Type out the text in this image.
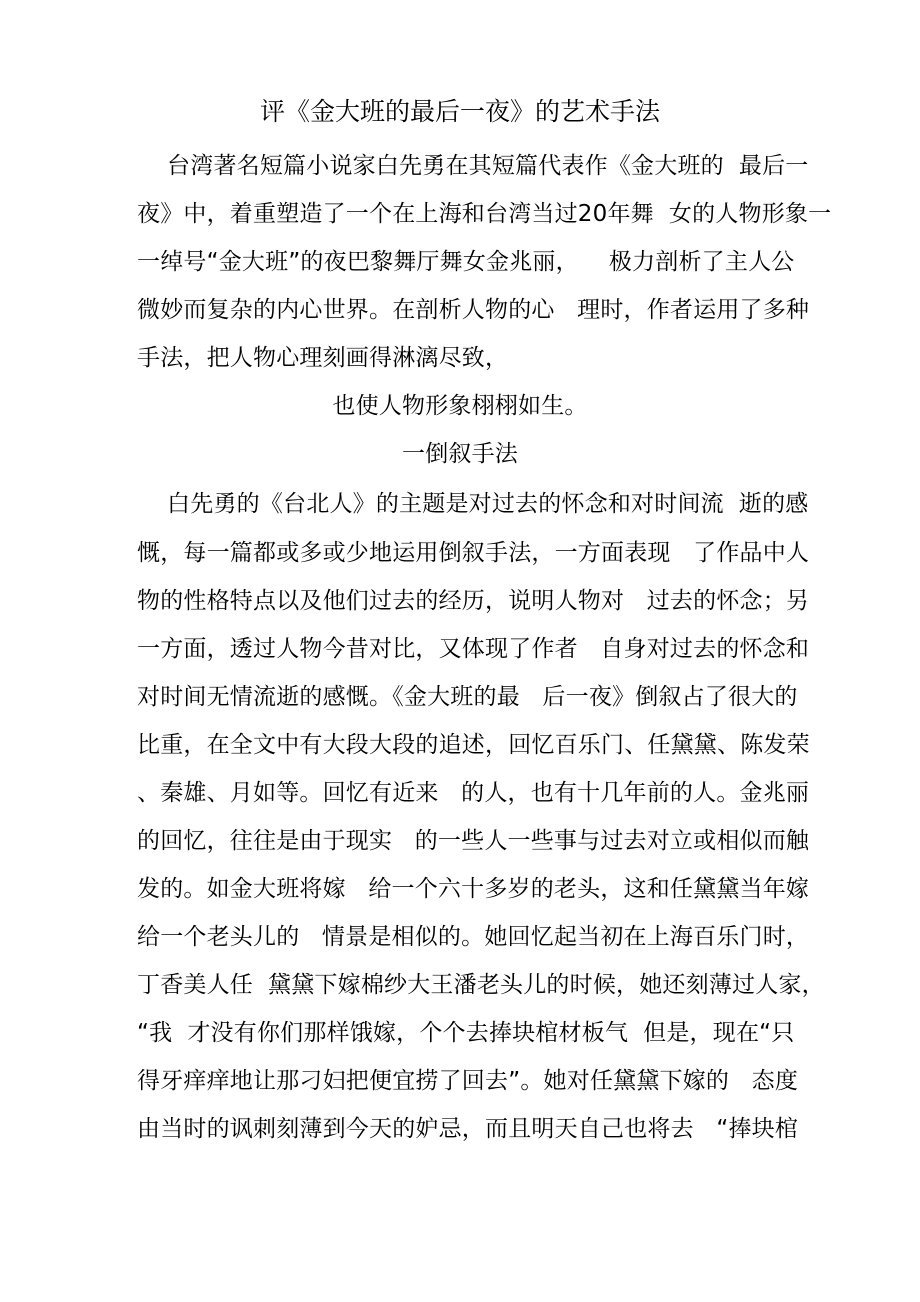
评《金大班的最后一夜》的艺术手法
台湾著名短篇小说家白先勇在其短篇代表作《金大班的  最后一
夜》中，着重塑造了一个在上海和台湾当过20年舞  女的人物形象一
一绰号“金大班”的夜巴黎舞厅舞女金兆丽，    极力剖析了主人公
微妙而复杂的内心世界。在剖析人物的心   理时，作者运用了多种
手法，把人物心理刻画得淋漓尽致，
也使人物形象栩栩如生。
一倒叙手法
白先勇的《台北人》的主题是对过去的怀念和对时间流  逝的感
慨，每一篇都或多或少地运用倒叙手法，一方面表现   了作品中人
物的性格特点以及他们过去的经历，说明人物对   过去的怀念；另
一方面，透过人物今昔对比，又体现了作者   自身对过去的怀念和
对时间无情流逝的感慨。《金大班的最   后一夜》倒叙占了很大的
比重，在全文中有大段大段的追述，回忆百乐门、任黛黛、陈发荣
、秦雄、月如等。回忆有近来   的人，也有十几年前的人。金兆丽
的回忆，往往是由于现实   的一些人一些事与过去对立或相似而触
发的。如金大班将嫁   给一个六十多岁的老头，这和任黛黛当年嫁
给一个老头儿的   情景是相似的。她回忆起当初在上海百乐门时，
丁香美人任  黛黛下嫁棉纱大王潘老头儿的时候，她还刻薄过人家，
“我  才没有你们那样饿嫁，个个去捧块棺材板气  但是，现在“只
得牙痒痒地让那刁妇把便宜捞了回去”。她对任黛黛下嫁的   态度
由当时的讽刺刻薄到今天的妒忌，而且明天自己也将去   “捧块棺
